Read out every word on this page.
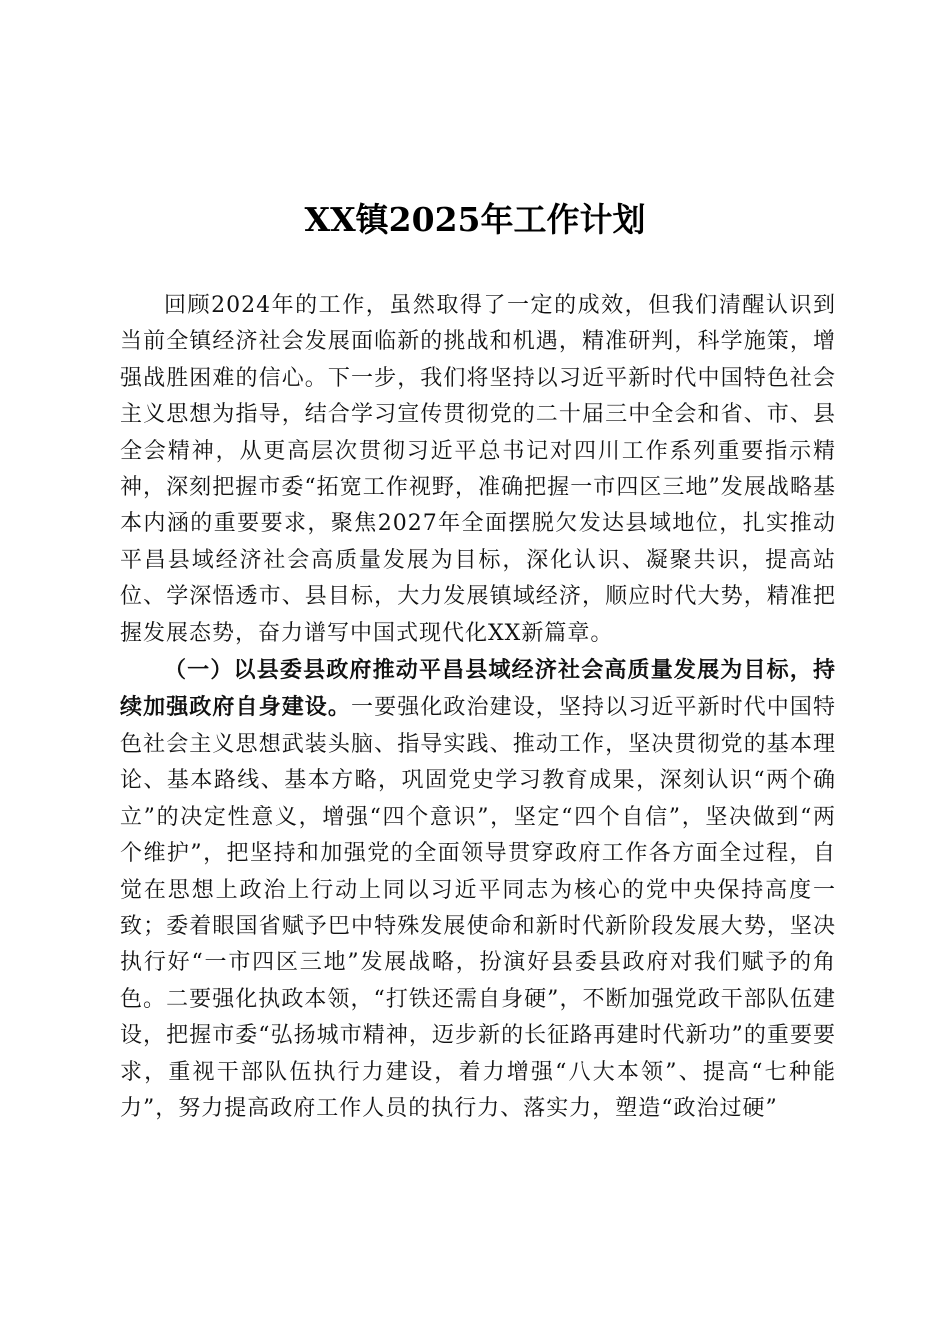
XX镇2025年工作计划

回顾2024年的工作，虽然取得了一定的成效，但我们清醒认识到当前全镇经济社会发展面临新的挑战和机遇，精准研判，科学施策，增强战胜困难的信心。下一步，我们将坚持以习近平新时代中国特色社会主义思想为指导，结合学习宣传贯彻党的二十届三中全会和省、市、县全会精神，从更高层次贯彻习近平总书记对四川工作系列重要指示精神，深刻把握市委“拓宽工作视野，准确把握一市四区三地”发展战略基本内涵的重要要求，聚焦2027年全面摆脱欠发达县域地位，扎实推动平昌县域经济社会高质量发展为目标，深化认识、凝聚共识，提高站位、学深悟透市、县目标，大力发展镇域经济，顺应时代大势，精准把握发展态势，奋力谱写中国式现代化XX新篇章。

（一）以县委县政府推动平昌县域经济社会高质量发展为目标，持续加强政府自身建设。一要强化政治建设，坚持以习近平新时代中国特色社会主义思想武装头脑、指导实践、推动工作，坚决贯彻党的基本理论、基本路线、基本方略，巩固党史学习教育成果，深刻认识“两个确立”的决定性意义，增强“四个意识”，坚定“四个自信”，坚决做到“两个维护”，把坚持和加强党的全面领导贯穿政府工作各方面全过程，自觉在思想上政治上行动上同以习近平同志为核心的党中央保持高度一致；委着眼国省赋予巴中特殊发展使命和新时代新阶段发展大势，坚决执行好“一市四区三地”发展战略，扮演好县委县政府对我们赋予的角色。二要强化执政本领，“打铁还需自身硬”，不断加强党政干部队伍建设，把握市委“弘扬城市精神，迈步新的长征路再建时代新功”的重要要求，重视干部队伍执行力建设，着力增强“八大本领”、提高“七种能力”，努力提高政府工作人员的执行力、落实力，塑造“政治过硬”
